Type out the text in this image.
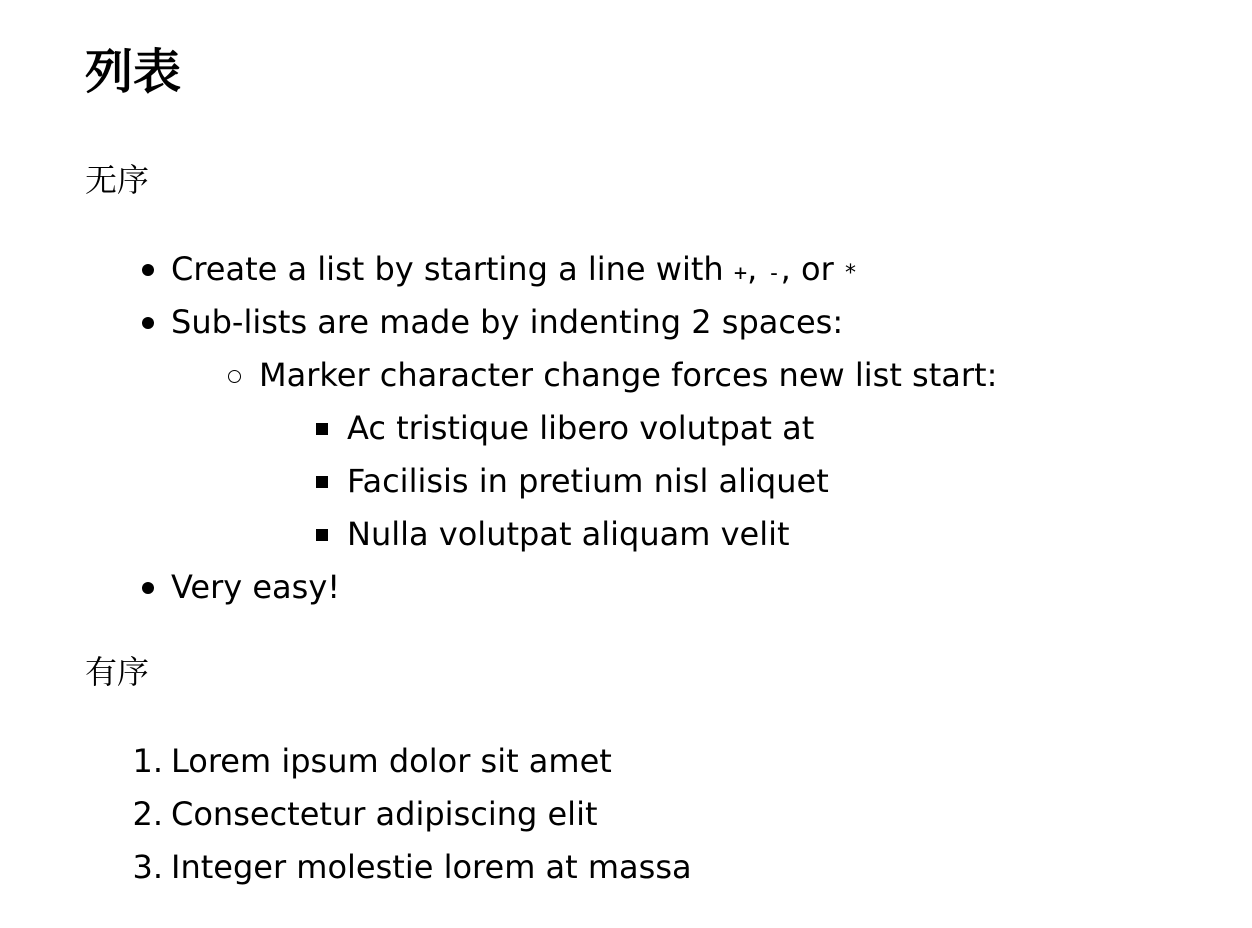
列表

无序

Create a list by starting a line with +, -, or *
Sub-lists are made by indenting 2 spaces:
Marker character change forces new list start:
Ac tristique libero volutpat at
Facilisis in pretium nisl aliquet
Nulla volutpat aliquam velit
Very easy!

有序

1. Lorem ipsum dolor sit amet
2. Consectetur adipiscing elit
3. Integer molestie lorem at massa
